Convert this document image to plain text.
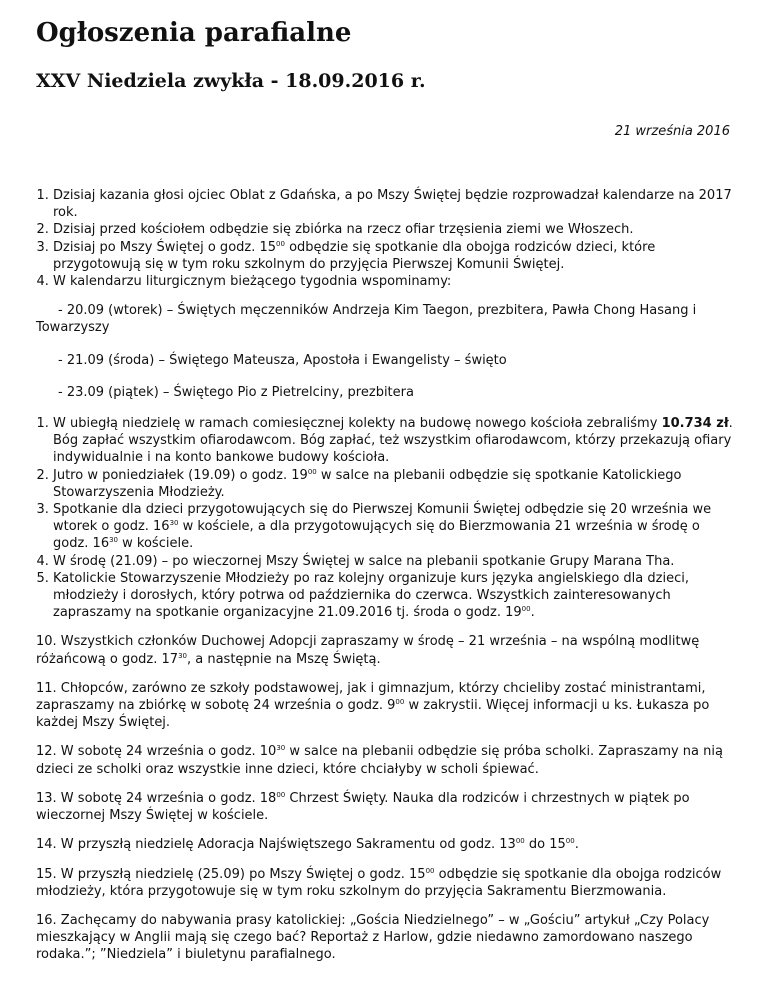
Ogłoszenia parafialne
XXV Niedziela zwykła - 18.09.2016 r.
21 września 2016
1. Dzisiaj kazania głosi ojciec Oblat z Gdańska, a po Mszy Świętej będzie rozprowadzał kalendarze na 2017 rok.
2. Dzisiaj przed kościołem odbędzie się zbiórka na rzecz ofiar trzęsienia ziemi we Włoszech.
3. Dzisiaj po Mszy Świętej o godz. $15^{00}$ odbędzie się spotkanie dla obojga rodziców dzieci, które przygotowują się w tym roku szkolnym do przyjęcia Pierwszej Komunii Świętej.
4. W kalendarzu liturgicznym bieżącego tygodnia wspominamy:

- 20.09 (wtorek) – Świętych męczenników Andrzeja Kim Taegon, prezbitera, Pawła Chong Hasang i Towarzyszy

- 21.09 (środa) – Świętego Mateusza, Apostoła i Ewangelisty – święto

- 23.09 (piątek) – Świętego Pio z Pietrelciny, prezbitera

1. W ubiegłą niedzielę w ramach comiesięcznej kolekty na budowę nowego kościoła zebraliśmy 10.734 zł. Bóg zapłać wszystkim ofiarodawcom. Bóg zapłać, też wszystkim ofiarodawcom, którzy przekazują ofiary indywidualnie i na konto bankowe budowy kościoła.
2. Jutro w poniedziałek (19.09) o godz. $19^{00}$ w salce na plebanii odbędzie się spotkanie Katolickiego Stowarzyszenia Młodzieży.
3. Spotkanie dla dzieci przygotowujących się do Pierwszej Komunii Świętej odbędzie się 20 września we wtorek o godz. $16^{30}$ w kościele, a dla przygotowujących się do Bierzmowania 21 września w środę o godz. $16^{30}$ w kościele.
4. W środę (21.09) – po wieczornej Mszy Świętej w salce na plebanii spotkanie Grupy Marana Tha.
5. Katolickie Stowarzyszenie Młodzieży po raz kolejny organizuje kurs języka angielskiego dla dzieci, młodzieży i dorosłych, który potrwa od października do czerwca. Wszystkich zainteresowanych zapraszamy na spotkanie organizacyjne 21.09.2016 tj. środa o godz. $19^{00}$.

10. Wszystkich członków Duchowej Adopcji zapraszamy w środę – 21 września – na wspólną modlitwę różańcową o godz. $17^{30}$, a następnie na Mszę Świętą.

11. Chłopców, zarówno ze szkoły podstawowej, jak i gimnazjum, którzy chcieliby zostać ministrantami, zapraszamy na zbiórkę w sobotę 24 września o godz. $9^{00}$ w zakrystii. Więcej informacji u ks. Łukasza po każdej Mszy Świętej.

12. W sobotę 24 września o godz. $10^{30}$ w salce na plebanii odbędzie się próba scholki. Zapraszamy na nią dzieci ze scholki oraz wszystkie inne dzieci, które chciałyby w scholi śpiewać.

13. W sobotę 24 września o godz. $18^{00}$ Chrzest Święty. Nauka dla rodziców i chrzestnych w piątek po wieczornej Mszy Świętej w kościele.

14. W przyszłą niedzielę Adoracja Najświętszego Sakramentu od godz. $13^{00}$ do $15^{00}$.

15. W przyszłą niedzielę (25.09) po Mszy Świętej o godz. $15^{00}$ odbędzie się spotkanie dla obojga rodziców młodzieży, która przygotowuje się w tym roku szkolnym do przyjęcia Sakramentu Bierzmowania.

16. Zachęcamy do nabywania prasy katolickiej: „Gościa Niedzielnego” – w „Gościu” artykuł „Czy Polacy mieszkający w Anglii mają się czego bać? Reportaż z Harlow, gdzie niedawno zamordowano naszego rodaka.”; ”Niedziela” i biuletynu parafialnego.
